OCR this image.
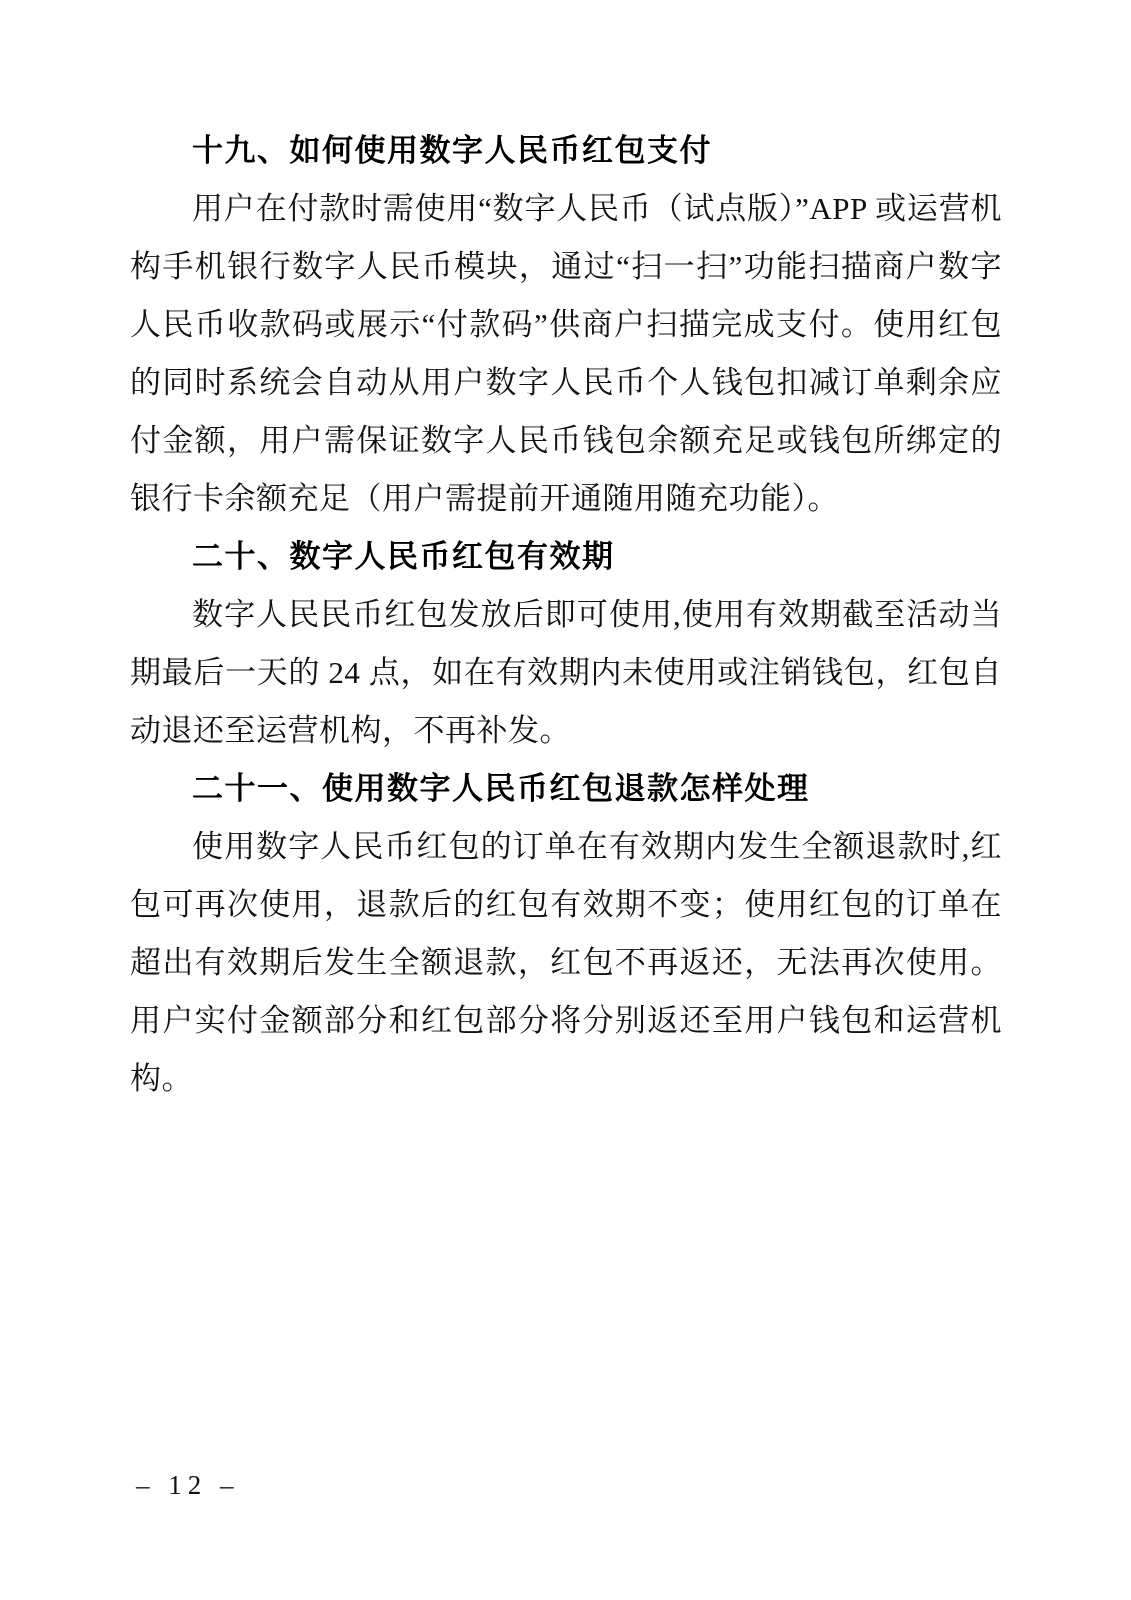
十九、如何使用数字人民币红包支付

用户在付款时需使用“数字人民币（试点版）”APP 或运营机构手机银行数字人民币模块，通过“扫一扫”功能扫描商户数字人民币收款码或展示“付款码”供商户扫描完成支付。使用红包的同时系统会自动从用户数字人民币个人钱包扣减订单剩余应付金额，用户需保证数字人民币钱包余额充足或钱包所绑定的银行卡余额充足（用户需提前开通随用随充功能）。

二十、数字人民币红包有效期

数字人民民币红包发放后即可使用,使用有效期截至活动当期最后一天的 24 点，如在有效期内未使用或注销钱包，红包自动退还至运营机构，不再补发。

二十一、使用数字人民币红包退款怎样处理

使用数字人民币红包的订单在有效期内发生全额退款时,红包可再次使用，退款后的红包有效期不变；使用红包的订单在超出有效期后发生全额退款，红包不再返还，无法再次使用。用户实付金额部分和红包部分将分别返还至用户钱包和运营机构。

– 12 –
